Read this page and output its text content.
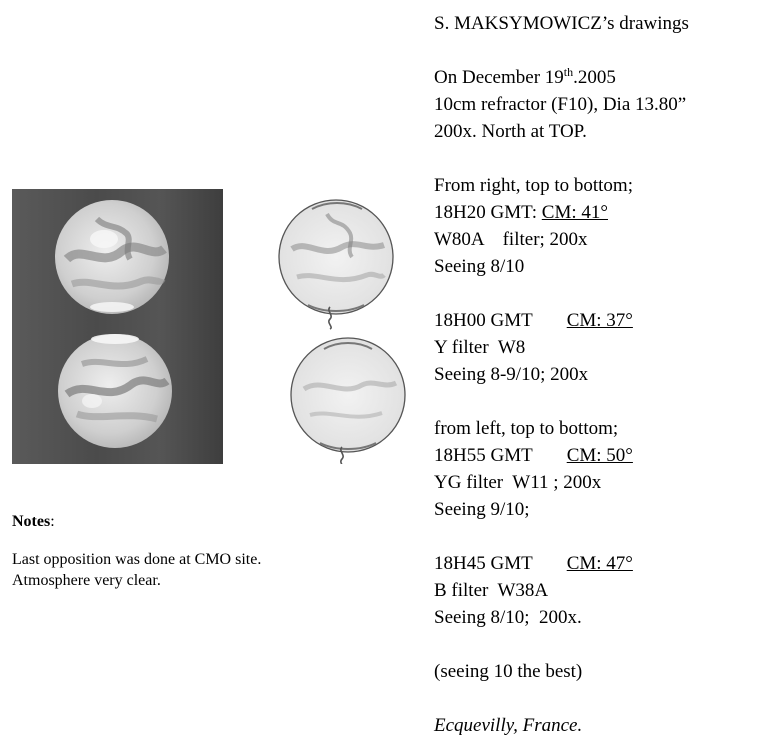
Notes:
Last opposition was done at CMO site.
Atmosphere very clear.
S. MAKSYMOWICZ’s drawings
On December 19th.2005
10cm refractor (F10), Dia 13.80”
200x. North at TOP.
From right, top to bottom;
18H20 GMT: CM: 41°
W80A    filter; 200x
Seeing 8/10
18H00 GMT CM: 37°
Y filter  W8
Seeing 8-9/10; 200x
from left, top to bottom;
18H55 GMT CM: 50°
YG filter  W11 ; 200x
Seeing 9/10;
18H45 GMT CM: 47°
B filter  W38A
Seeing 8/10;  200x.
(seeing 10 the best)
Ecquevilly, France.
